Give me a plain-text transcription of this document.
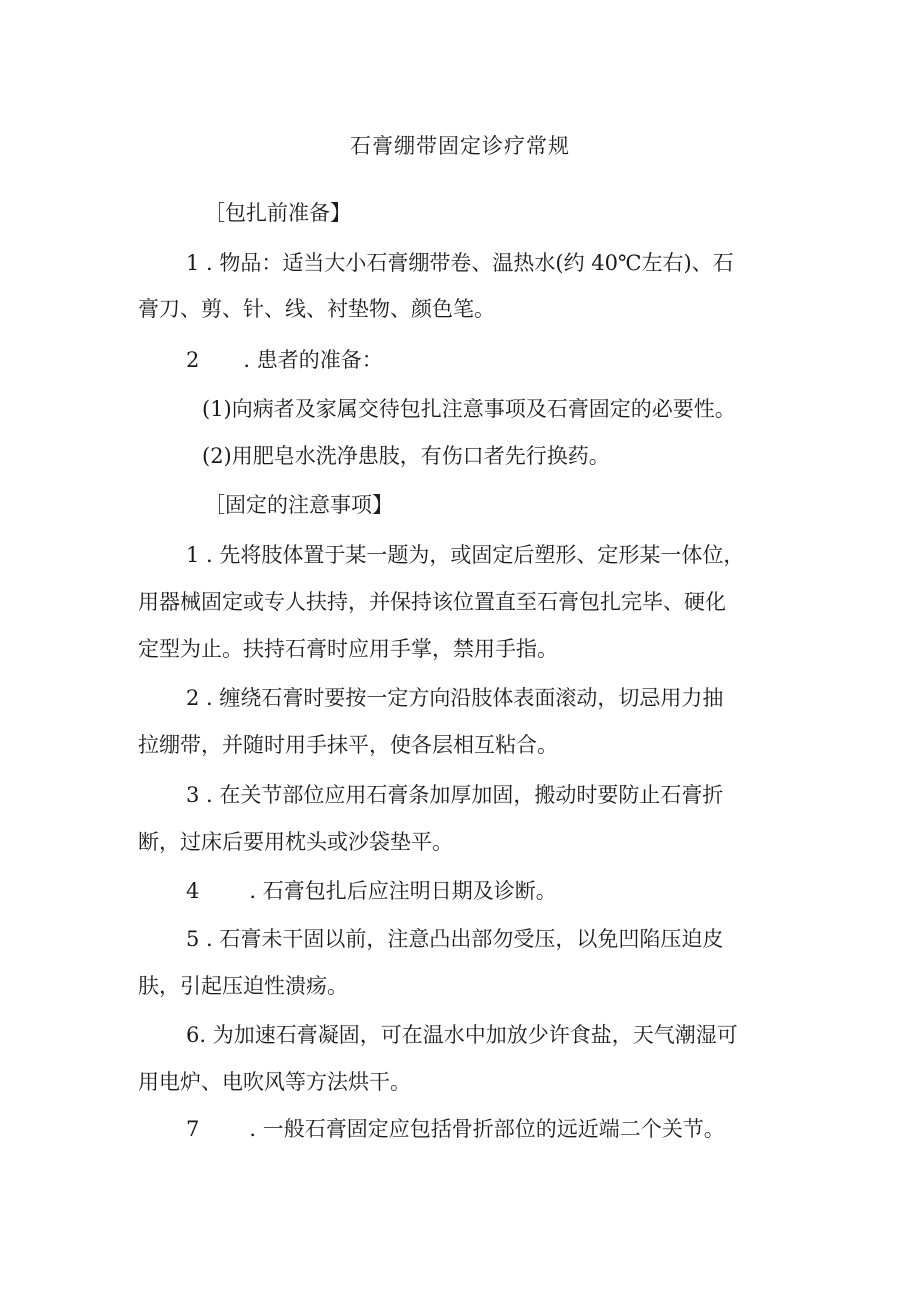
石膏绷带固定诊疗常规
［包扎前准备】
1 . 物品：适当大小石膏绷带卷、温热水(约 40℃左右)、石
膏刀、剪、针、线、衬垫物、颜色笔。
2 . 患者的准备：
(1)向病者及家属交待包扎注意事项及石膏固定的必要性。
(2)用肥皂水洗净患肢，有伤口者先行换药。
［固定的注意事项】
1 . 先将肢体置于某一题为，或固定后塑形、定形某一体位，
用器械固定或专人扶持，并保持该位置直至石膏包扎完毕、硬化
定型为止。扶持石膏时应用手掌，禁用手指。
2 . 缠绕石膏时要按一定方向沿肢体表面滚动，切忌用力抽
拉绷带，并随时用手抹平，使各层相互粘合。
3 . 在关节部位应用石膏条加厚加固，搬动时要防止石膏折
断，过床后要用枕头或沙袋垫平。
4 . 石膏包扎后应注明日期及诊断。
5 . 石膏未干固以前，注意凸出部勿受压，以免凹陷压迫皮
肤，引起压迫性溃疡。
6. 为加速石膏凝固，可在温水中加放少许食盐，天气潮湿可
用电炉、电吹风等方法烘干。
7 . 一般石膏固定应包括骨折部位的远近端二个关节。
